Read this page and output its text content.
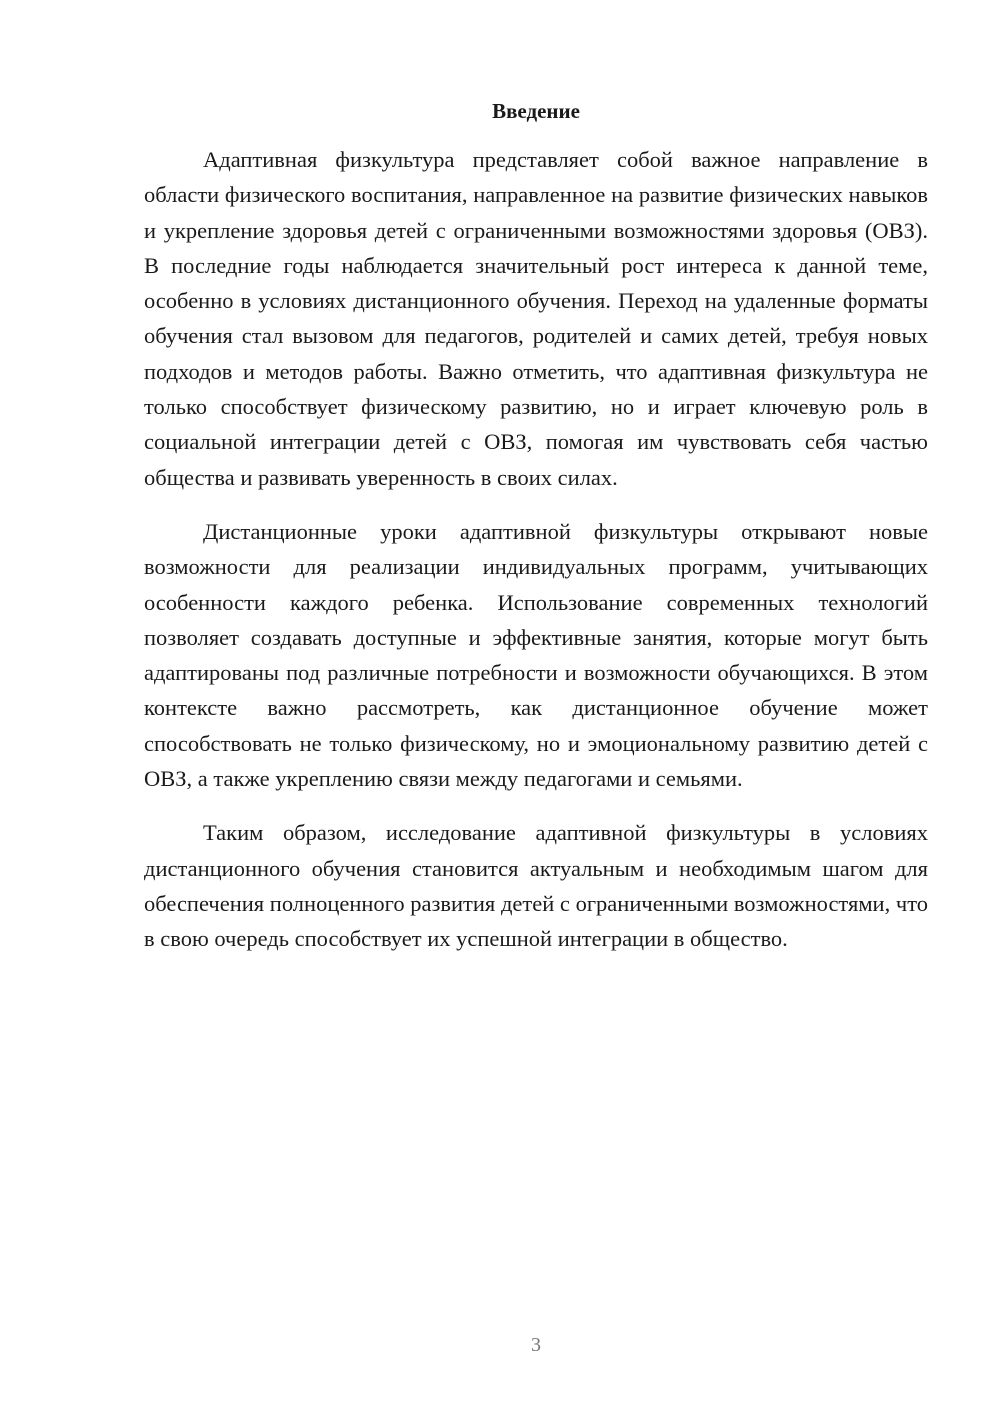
Введение

Адаптивная физкультура представляет собой важное направление в области физического воспитания, направленное на развитие физических навыков и укрепление здоровья детей с ограниченными возможностями здоровья (ОВЗ). В последние годы наблюдается значительный рост интереса к данной теме, особенно в условиях дистанционного обучения. Переход на удаленные форматы обучения стал вызовом для педагогов, родителей и самих детей, требуя новых подходов и методов работы. Важно отметить, что адаптивная физкультура не только способствует физическому развитию, но и играет ключевую роль в социальной интеграции детей с ОВЗ, помогая им чувствовать себя частью общества и развивать уверенность в своих силах.

Дистанционные уроки адаптивной физкультуры открывают новые возможности для реализации индивидуальных программ, учитывающих особенности каждого ребенка. Использование современных технологий позволяет создавать доступные и эффективные занятия, которые могут быть адаптированы под различные потребности и возможности обучающихся. В этом контексте важно рассмотреть, как дистанционное обучение может способствовать не только физическому, но и эмоциональному развитию детей с ОВЗ, а также укреплению связи между педагогами и семьями.

Таким образом, исследование адаптивной физкультуры в условиях дистанционного обучения становится актуальным и необходимым шагом для обеспечения полноценного развития детей с ограниченными возможностями, что в свою очередь способствует их успешной интеграции в общество.

3
